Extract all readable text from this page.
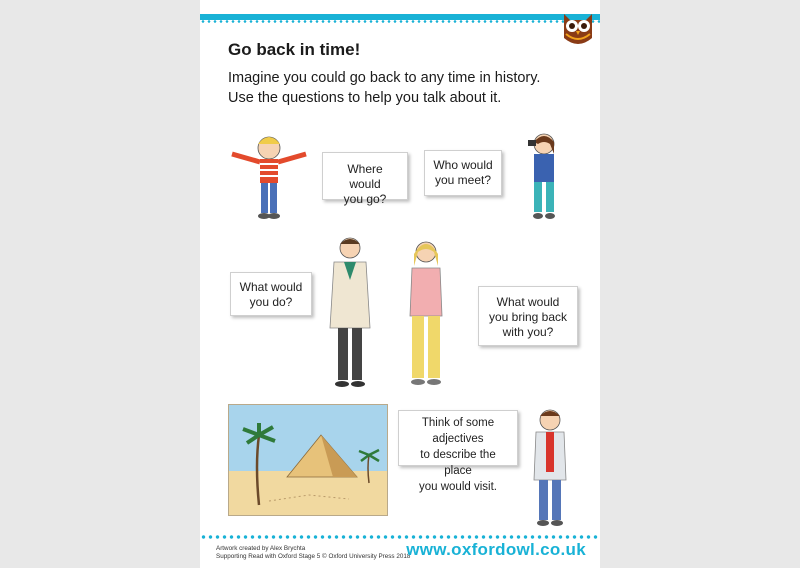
Go back in time!
Imagine you could go back to any time in history.
Use the questions to help you talk about it.
Where would
you go?
Who would
you meet?
What would
you do?	What would
you bring back
with you?
Think of some adjectives
to describe the place
you would visit.
Artwork created by Alex Brychta
Supporting Read with Oxford Stage 5 © Oxford University Press 2018
www.oxfordowl.co.uk
